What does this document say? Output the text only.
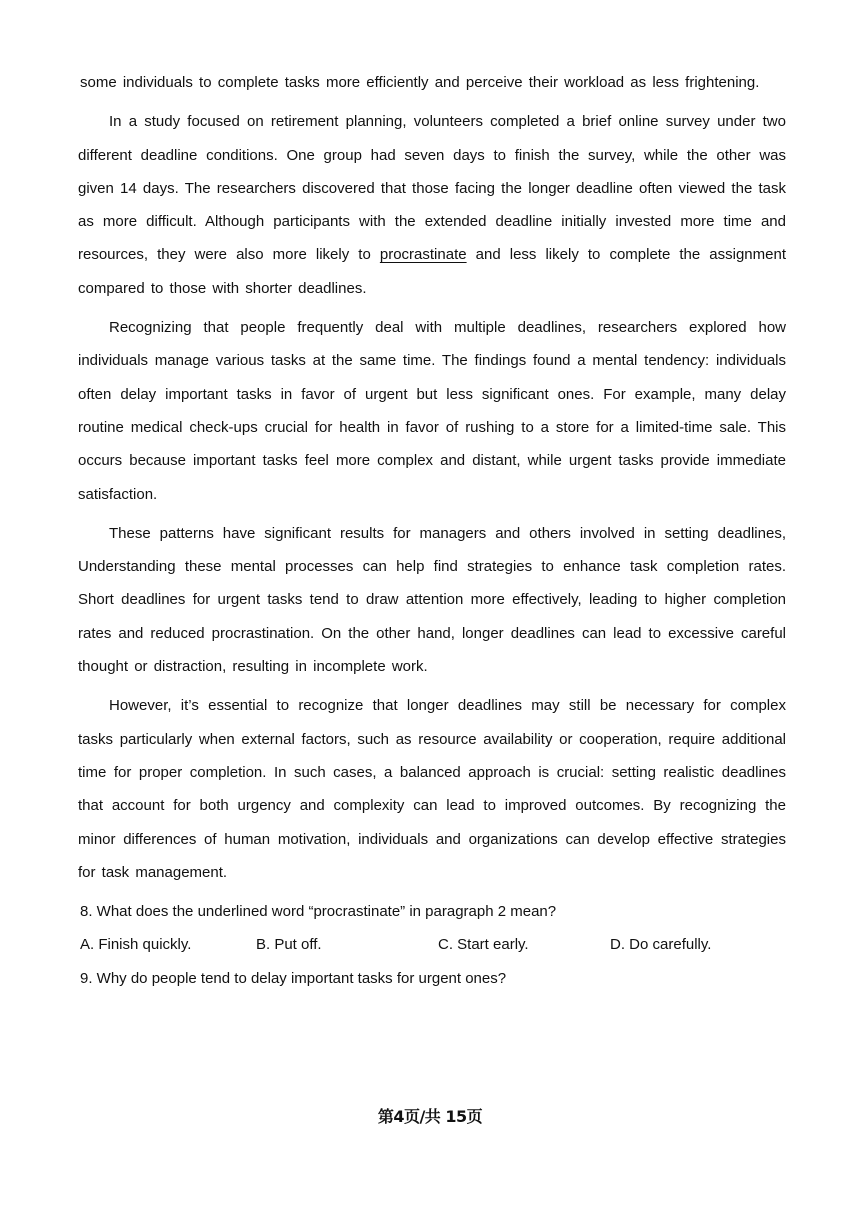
some individuals to complete tasks more efficiently and perceive their workload as less frightening.

In a study focused on retirement planning, volunteers completed a brief online survey under two different deadline conditions. One group had seven days to finish the survey, while the other was given 14 days. The researchers discovered that those facing the longer deadline often viewed the task as more difficult. Although participants with the extended deadline initially invested more time and resources, they were also more likely to procrastinate and less likely to complete the assignment compared to those with shorter deadlines.

Recognizing that people frequently deal with multiple deadlines, researchers explored how individuals manage various tasks at the same time. The findings found a mental tendency: individuals often delay important tasks in favor of urgent but less significant ones. For example, many delay routine medical check-ups crucial for health in favor of rushing to a store for a limited-time sale. This occurs because important tasks feel more complex and distant, while urgent tasks provide immediate satisfaction.

These patterns have significant results for managers and others involved in setting deadlines, Understanding these mental processes can help find strategies to enhance task completion rates. Short deadlines for urgent tasks tend to draw attention more effectively, leading to higher completion rates and reduced procrastination. On the other hand, longer deadlines can lead to excessive careful thought or distraction, resulting in incomplete work.

However, it’s essential to recognize that longer deadlines may still be necessary for complex tasks particularly when external factors, such as resource availability or cooperation, require additional time for proper completion. In such cases, a balanced approach is crucial: setting realistic deadlines that account for both urgency and complexity can lead to improved outcomes. By recognizing the minor differences of human motivation, individuals and organizations can develop effective strategies for task management.

8. What does the underlined word “procrastinate” in paragraph 2 mean?

A. Finish quickly.	B. Put off.	C. Start early.	D. Do carefully.

9. Why do people tend to delay important tasks for urgent ones?

第4页/共 15页
